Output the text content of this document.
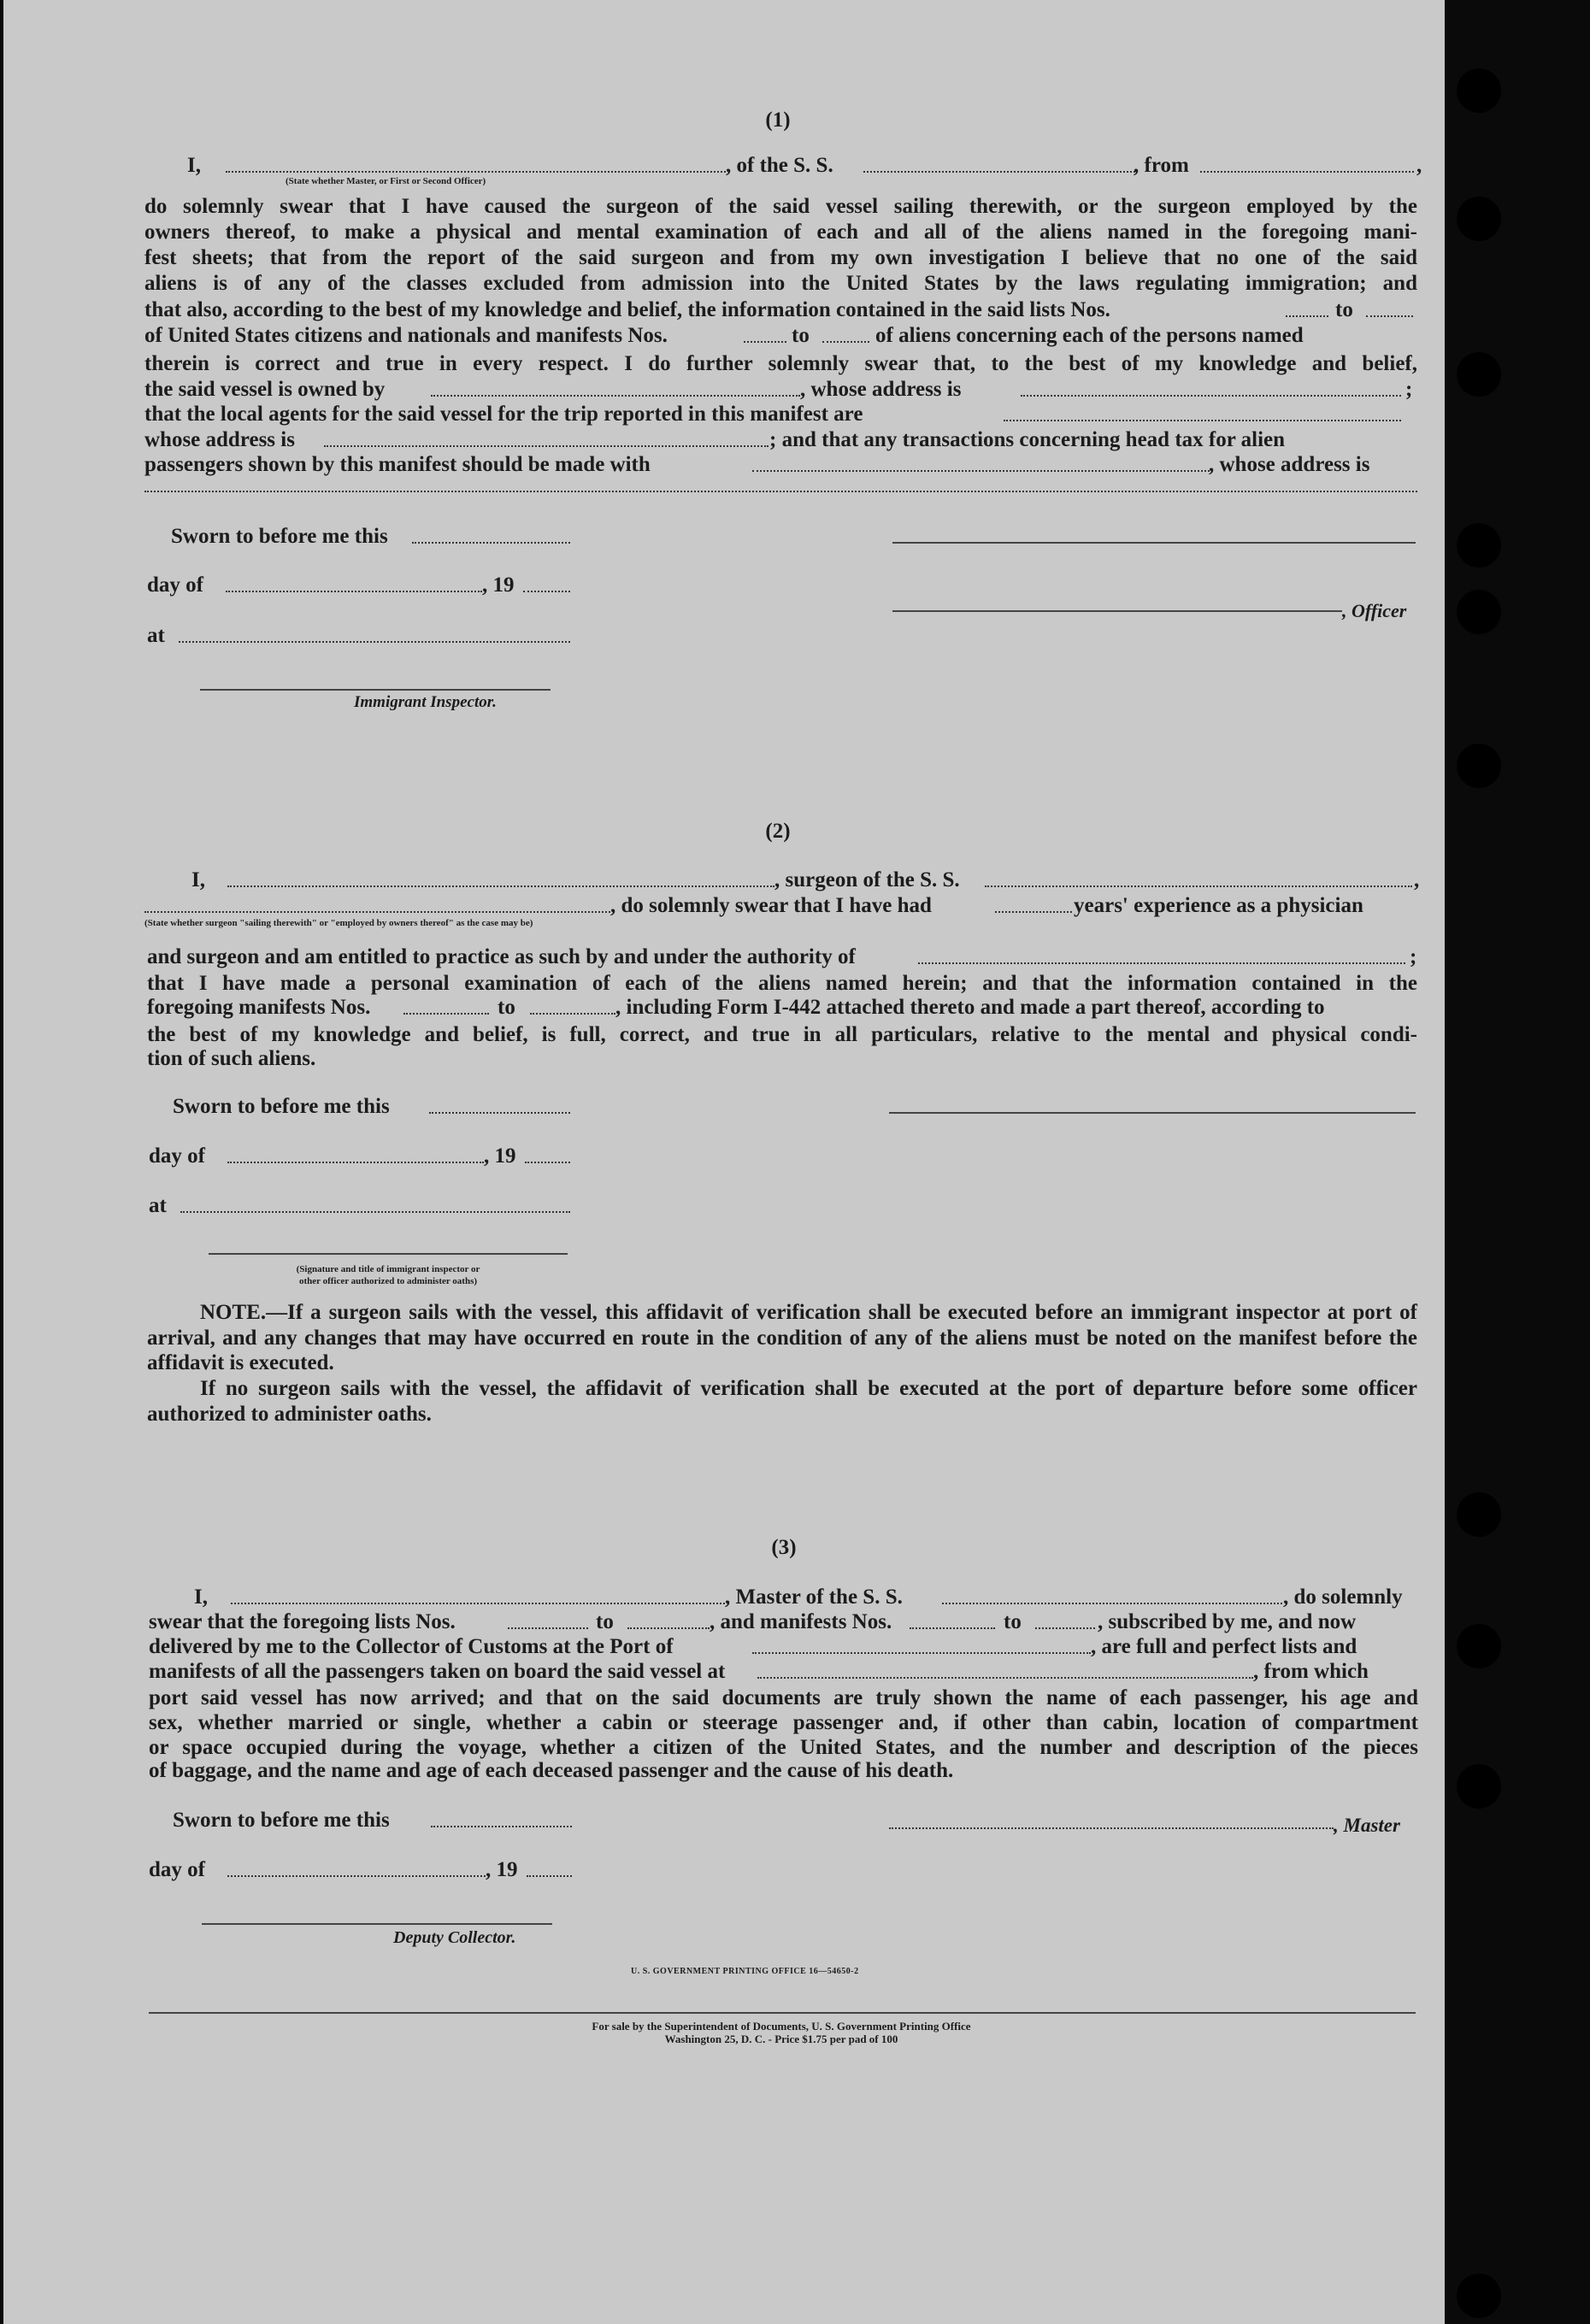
(1)
I,	, of the S. S.	, from	,
(State whether Master, or First or Second Officer)
do solemnly swear that I have caused the surgeon of the said vessel sailing therewith, or the surgeon employed by the
owners thereof, to make a physical and mental examination of each and all of the aliens named in the foregoing mani-
fest sheets; that from the report of the said surgeon and from my own investigation I believe that no one of the said
aliens is of any of the classes excluded from admission into the United States by the laws regulating immigration; and
that also, according to the best of my knowledge and belief, the information contained in the said lists Nos.	to
of United States citizens and nationals and manifests Nos.	to	of aliens concerning each of the persons named
therein is correct and true in every respect. I do further solemnly swear that, to the best of my knowledge and belief,
the said vessel is owned by	, whose address is	;
that the local agents for the said vessel for the trip reported in this manifest are
whose address is	; and that any transactions concerning head tax for alien
passengers shown by this manifest should be made with	, whose address is
Sworn to before me this
day of	, 19
at
Immigrant Inspector.
, Officer
(2)
I,	, surgeon of the S. S.	,
, do solemnly swear that I have had	years' experience as a physician
(State whether surgeon "sailing therewith" or "employed by owners thereof" as the case may be)
and surgeon and am entitled to practice as such by and under the authority of	;
that I have made a personal examination of each of the aliens named herein; and that the information contained in the
foregoing manifests Nos.	to	, including Form I-442 attached thereto and made a part thereof, according to
the best of my knowledge and belief, is full, correct, and true in all particulars, relative to the mental and physical condi-
tion of such aliens.
Sworn to before me this
day of	, 19
at
(Signature and title of immigrant inspector or
other officer authorized to administer oaths)
NOTE.—If a surgeon sails with the vessel, this affidavit of verification shall be executed before an immigrant inspector at port of arrival, and any changes that may have occurred en route in the condition of any of the aliens must be noted on the manifest before the affidavit is executed.
If no surgeon sails with the vessel, the affidavit of verification shall be executed at the port of departure before some officer authorized to administer oaths.
(3)
I,	, Master of the S. S.	, do solemnly
swear that the foregoing lists Nos.	to	, and manifests Nos.	to	, subscribed by me, and now
delivered by me to the Collector of Customs at the Port of	, are full and perfect lists and
manifests of all the passengers taken on board the said vessel at	, from which
port said vessel has now arrived; and that on the said documents are truly shown the name of each passenger, his age and
sex, whether married or single, whether a cabin or steerage passenger and, if other than cabin, location of compartment
or space occupied during the voyage, whether a citizen of the United States, and the number and description of the pieces
of baggage, and the name and age of each deceased passenger and the cause of his death.
Sworn to before me this
day of	, 19
Deputy Collector.
, Master
U. S. GOVERNMENT PRINTING OFFICE 16—54650-2
For sale by the Superintendent of Documents, U. S. Government Printing Office
Washington 25, D. C. - Price $1.75 per pad of 100
